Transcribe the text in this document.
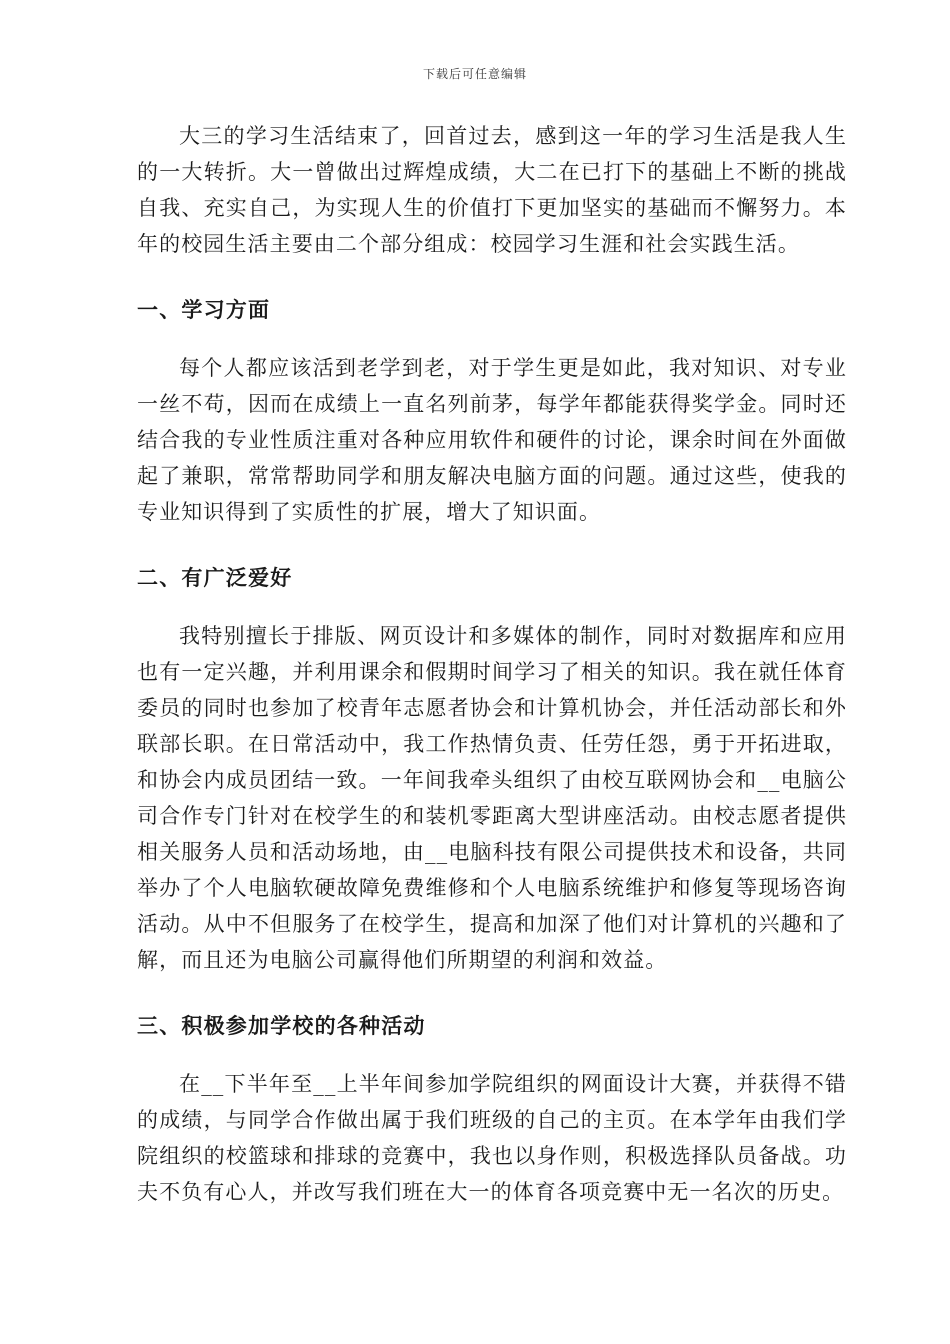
下载后可任意编辑

大三的学习生活结束了，回首过去，感到这一年的学习生活是我人生的一大转折。大一曾做出过辉煌成绩，大二在已打下的基础上不断的挑战自我、充实自己，为实现人生的价值打下更加坚实的基础而不懈努力。本年的校园生活主要由二个部分组成：校园学习生涯和社会实践生活。

一、学习方面

每个人都应该活到老学到老，对于学生更是如此，我对知识、对专业一丝不苟，因而在成绩上一直名列前茅，每学年都能获得奖学金。同时还结合我的专业性质注重对各种应用软件和硬件的讨论，课余时间在外面做起了兼职，常常帮助同学和朋友解决电脑方面的问题。通过这些，使我的专业知识得到了实质性的扩展，增大了知识面。

二、有广泛爱好

我特别擅长于排版、网页设计和多媒体的制作，同时对数据库和应用也有一定兴趣，并利用课余和假期时间学习了相关的知识。我在就任体育委员的同时也参加了校青年志愿者协会和计算机协会，并任活动部长和外联部长职。在日常活动中，我工作热情负责、任劳任怨，勇于开拓进取，和协会内成员团结一致。一年间我牵头组织了由校互联网协会和__电脑公司合作专门针对在校学生的和装机零距离大型讲座活动。由校志愿者提供相关服务人员和活动场地，由__电脑科技有限公司提供技术和设备，共同举办了个人电脑软硬故障免费维修和个人电脑系统维护和修复等现场咨询活动。从中不但服务了在校学生，提高和加深了他们对计算机的兴趣和了解，而且还为电脑公司赢得他们所期望的利润和效益。

三、积极参加学校的各种活动

在__下半年至__上半年间参加学院组织的网面设计大赛，并获得不错的成绩，与同学合作做出属于我们班级的自己的主页。在本学年由我们学院组织的校篮球和排球的竞赛中，我也以身作则，积极选择队员备战。功夫不负有心人，并改写我们班在大一的体育各项竞赛中无一名次的历史。
